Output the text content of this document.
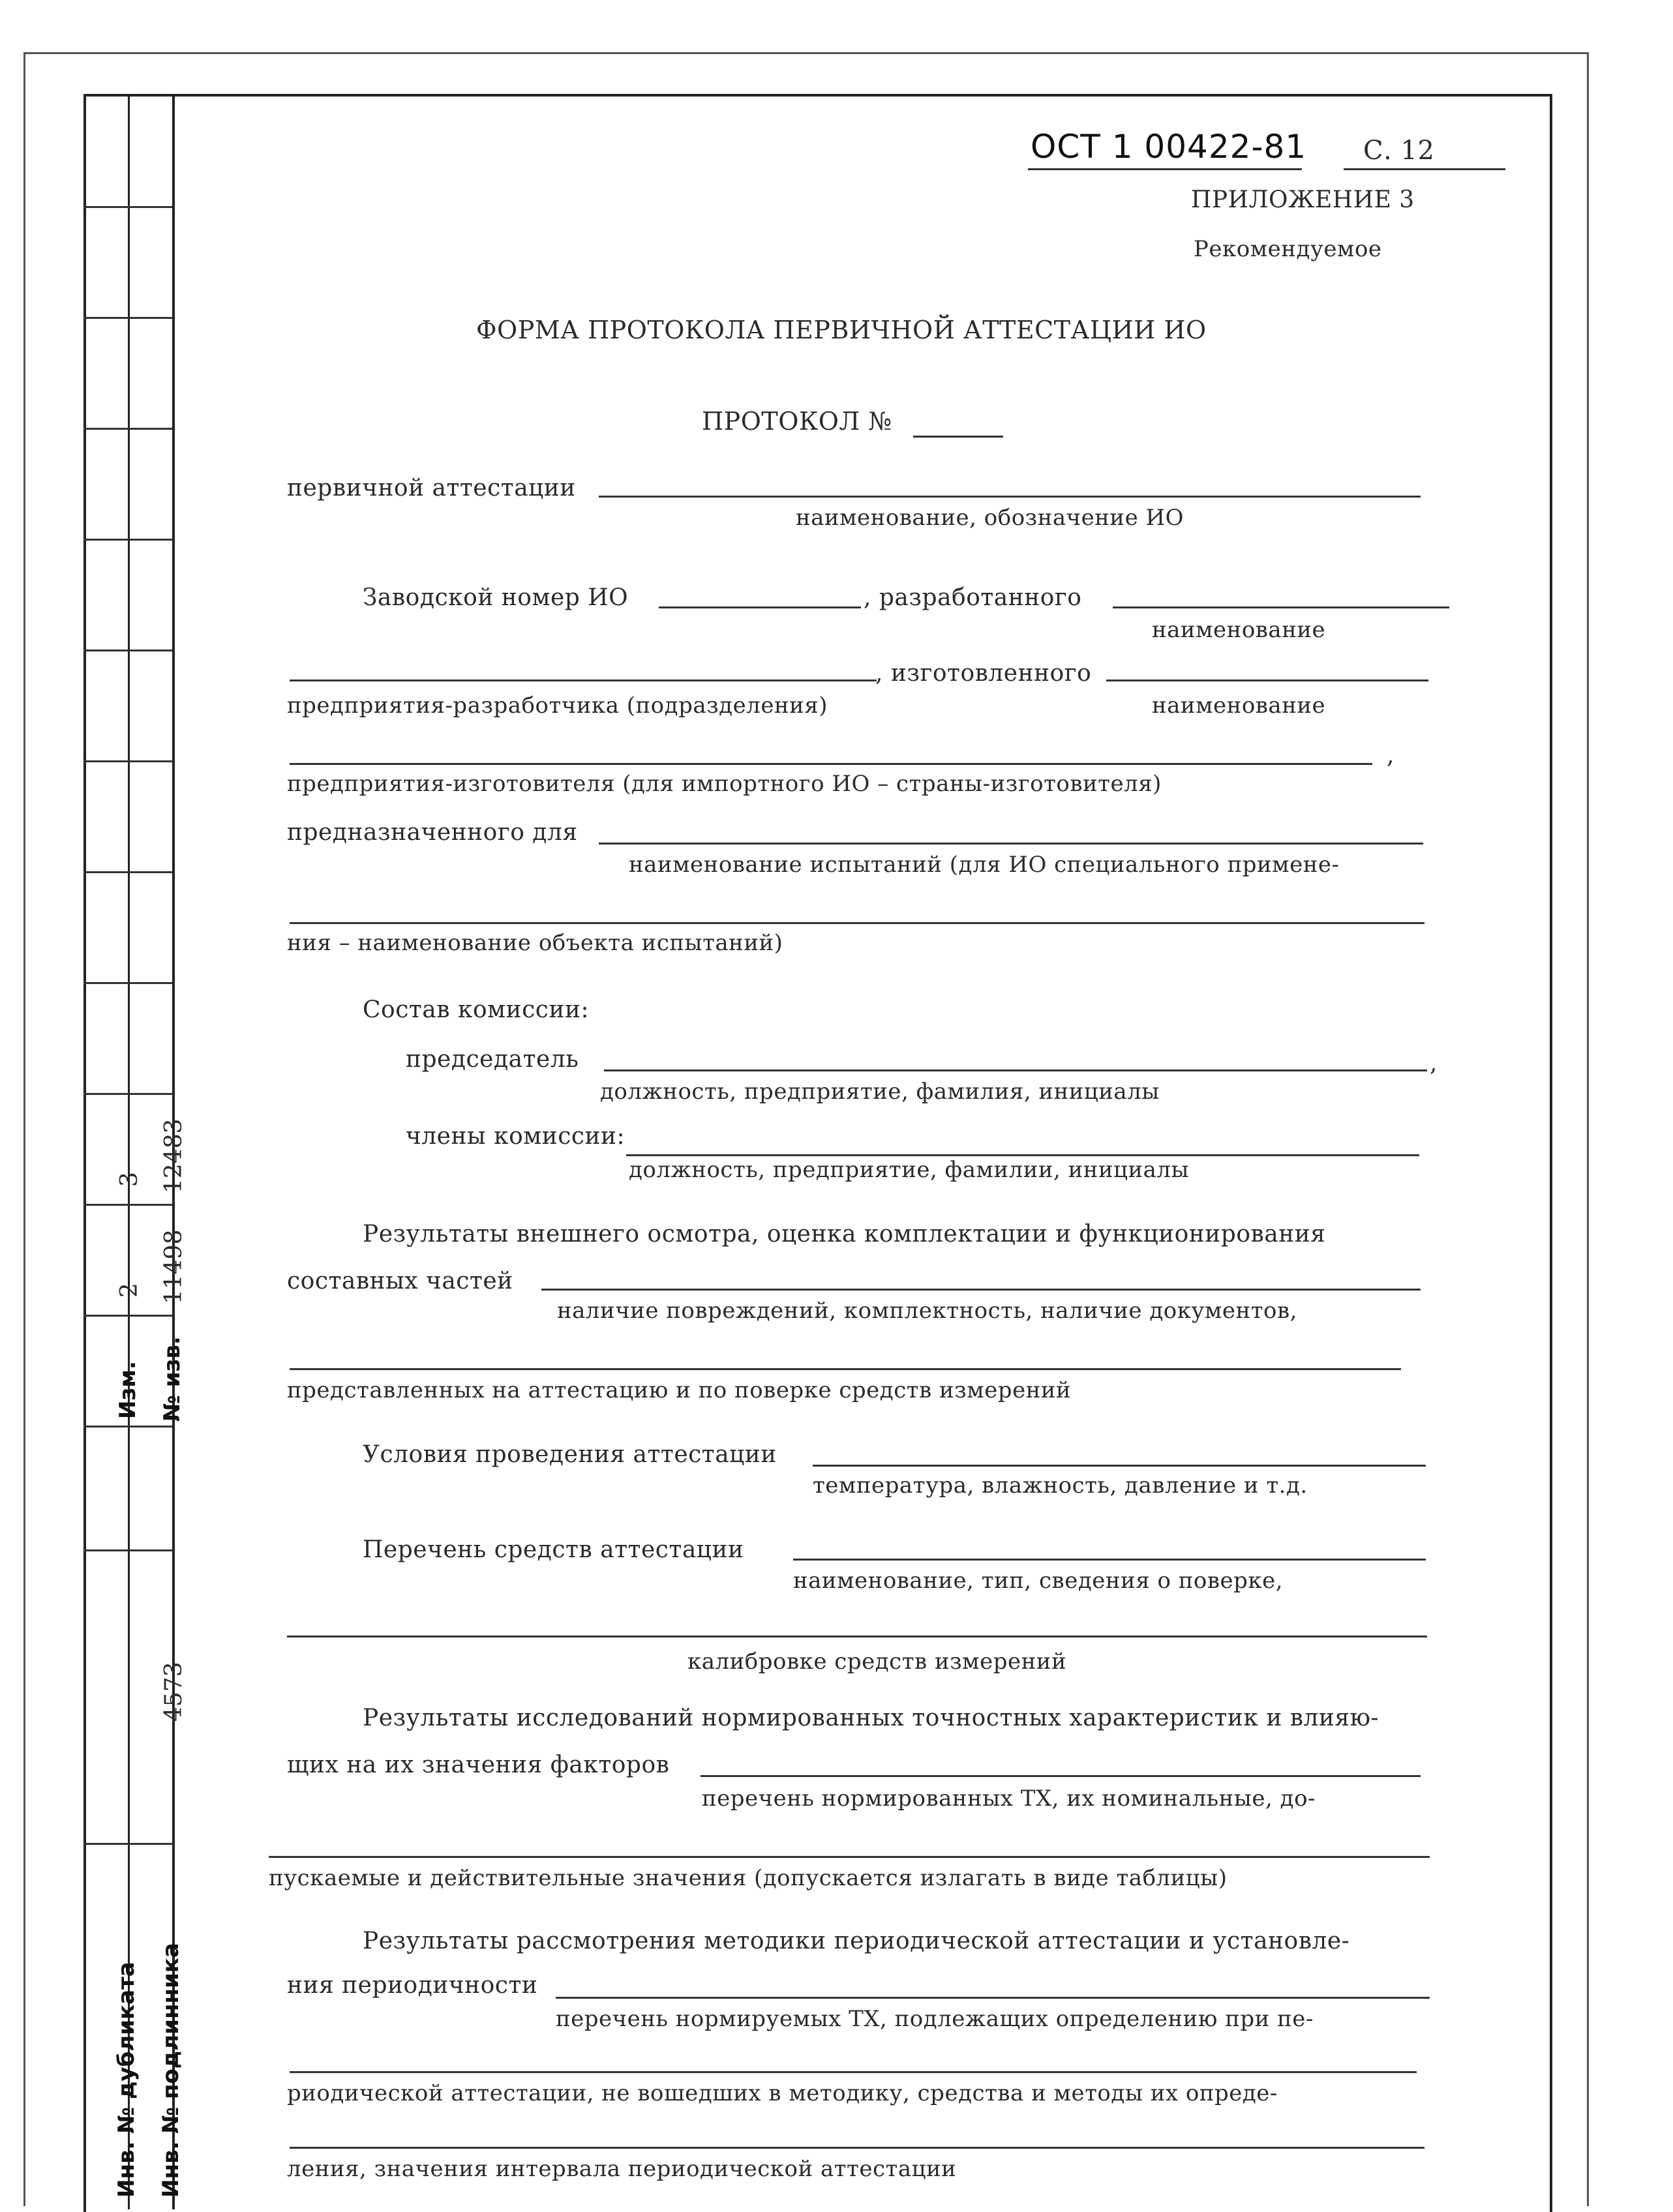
3 12483
2 11498
Изм. № изв.
4573
Инв. № дубликата Инв. № подлинника
ОСТ 1 00422-81 С. 12
ПРИЛОЖЕНИЕ 3
Рекомендуемое
ФОРМА ПРОТОКОЛА ПЕРВИЧНОЙ АТТЕСТАЦИИ ИО
ПРОТОКОЛ №
первичной аттестации
наименование, обозначение ИО
Заводской номер ИО	, разработанного
наименование
, изготовленного
предприятия-разработчика (подразделения)	наименование
,
предприятия-изготовителя (для импортного ИО – страны-изготовителя)
предназначенного для
наименование испытаний (для ИО специального примене-
ния – наименование объекта испытаний)
Состав комиссии:
председатель	,
должность, предприятие, фамилия, инициалы
члены комиссии:
должность, предприятие, фамилии, инициалы
Результаты внешнего осмотра, оценка комплектации и функционирования
составных частей
наличие повреждений, комплектность, наличие документов,
представленных на аттестацию и по поверке средств измерений
Условия проведения аттестации
температура, влажность, давление и т.д.
Перечень средств аттестации
наименование, тип, сведения о поверке,
калибровке средств измерений
Результаты исследований нормированных точностных характеристик и влияю-
щих на их значения факторов
перечень нормированных ТХ, их номинальные, до-
пускаемые и действительные значения (допускается излагать в виде таблицы)
Результаты рассмотрения методики периодической аттестации и установле-
ния периодичности
перечень нормируемых ТХ, подлежащих определению при пе-
риодической аттестации, не вошедших в методику, средства и методы их опреде-
ления, значения интервала периодической аттестации
